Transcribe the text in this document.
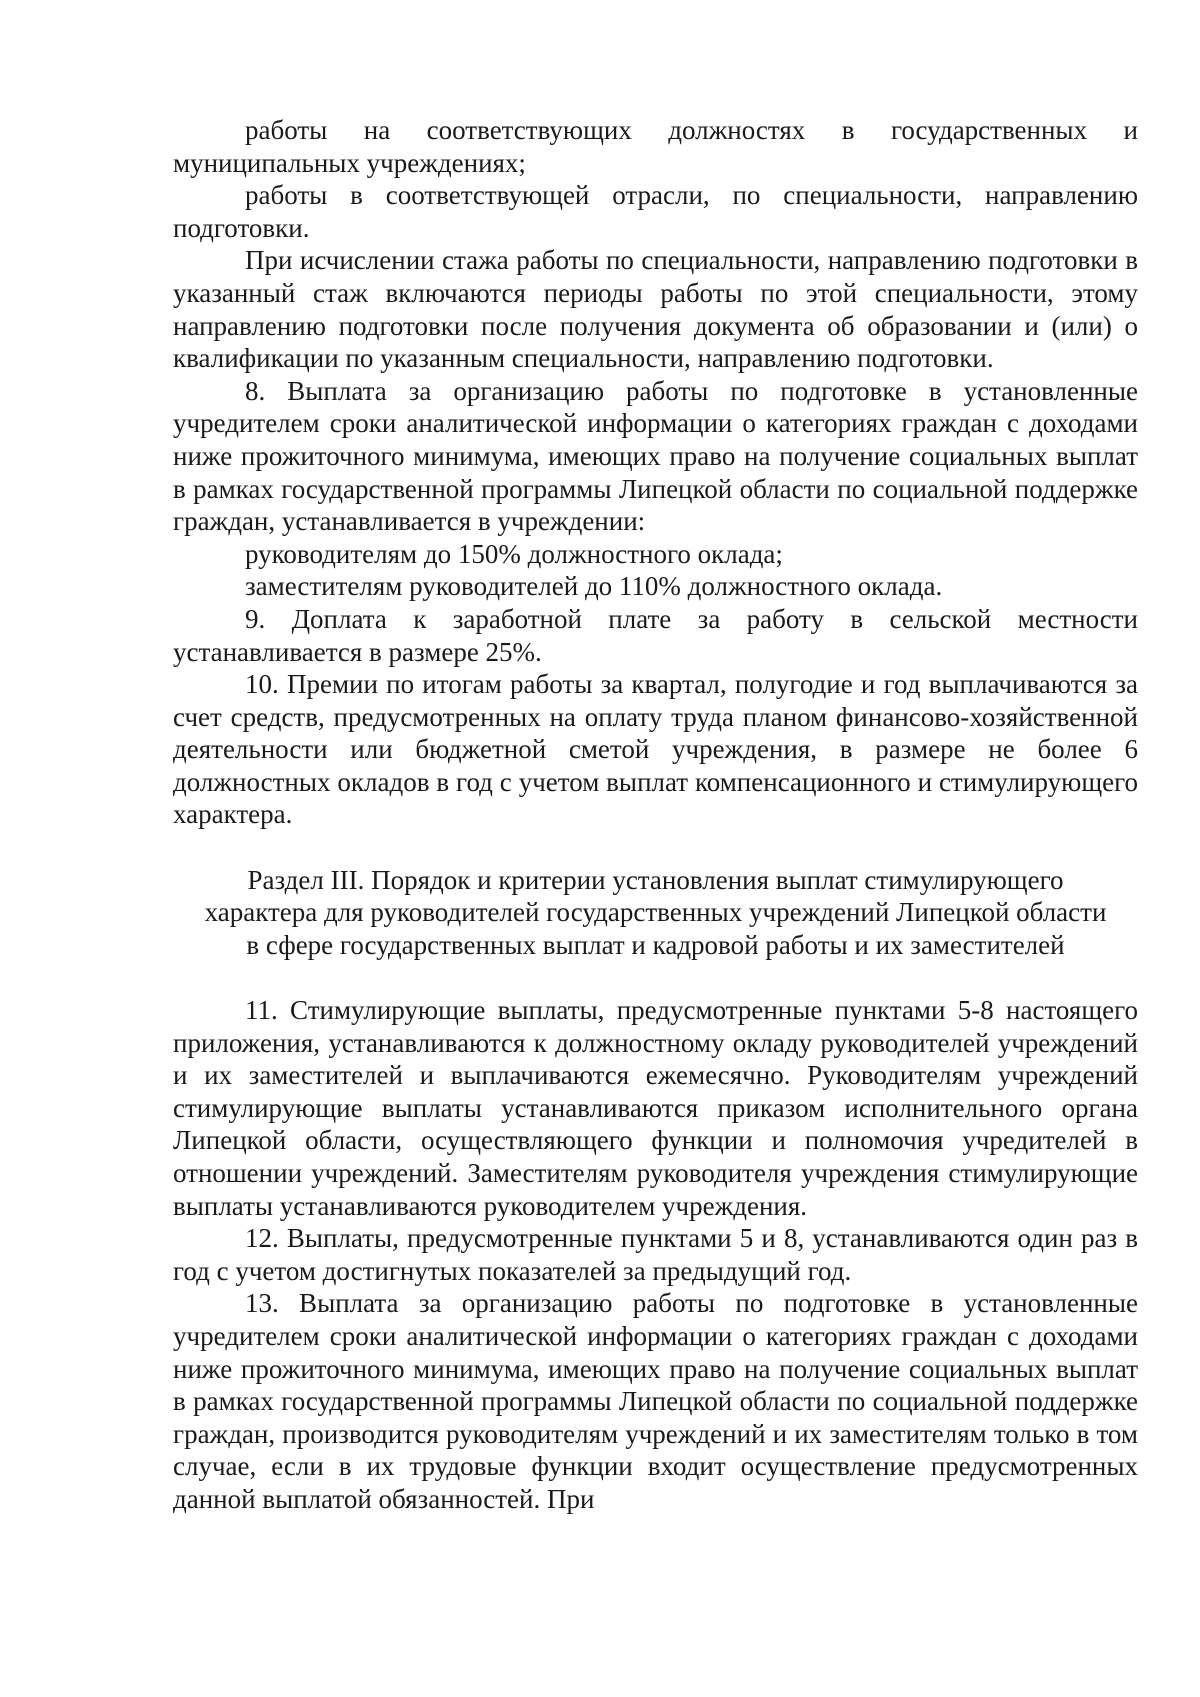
работы на соответствующих должностях в государственных и муниципальных учреждениях;

работы в соответствующей отрасли, по специальности, направлению подготовки.

При исчислении стажа работы по специальности, направлению подготовки в указанный стаж включаются периоды работы по этой специальности, этому направлению подготовки после получения документа об образовании и (или) о квалификации по указанным специальности, направлению подготовки.

8. Выплата за организацию работы по подготовке в установленные учредителем сроки аналитической информации о категориях граждан с доходами ниже прожиточного минимума, имеющих право на получение социальных выплат в рамках государственной программы Липецкой области по социальной поддержке граждан, устанавливается в учреждении:

руководителям до 150% должностного оклада;

заместителям руководителей до 110% должностного оклада.

9. Доплата к заработной плате за работу в сельской местности устанавливается в размере 25%.

10. Премии по итогам работы за квартал, полугодие и год выплачиваются за счет средств, предусмотренных на оплату труда планом финансово-хозяйственной деятельности или бюджетной сметой учреждения, в размере не более 6 должностных окладов в год с учетом выплат компенсационного и стимулирующего характера.

Раздел III. Порядок и критерии установления выплат стимулирующего
характера для руководителей государственных учреждений Липецкой области
в сфере государственных выплат и кадровой работы и их заместителей

11. Стимулирующие выплаты, предусмотренные пунктами 5-8 настоящего приложения, устанавливаются к должностному окладу руководителей учреждений и их заместителей и выплачиваются ежемесячно. Руководителям учреждений стимулирующие выплаты устанавливаются приказом исполнительного органа Липецкой области, осуществляющего функции и полномочия учредителей в отношении учреждений. Заместителям руководителя учреждения стимулирующие выплаты устанавливаются руководителем учреждения.

12. Выплаты, предусмотренные пунктами 5 и 8, устанавливаются один раз в год с учетом достигнутых показателей за предыдущий год.

13. Выплата за организацию работы по подготовке в установленные учредителем сроки аналитической информации о категориях граждан с доходами ниже прожиточного минимума, имеющих право на получение социальных выплат в рамках государственной программы Липецкой области по социальной поддержке граждан, производится руководителям учреждений и их заместителям только в том случае, если в их трудовые функции входит осуществление предусмотренных данной выплатой обязанностей. При
